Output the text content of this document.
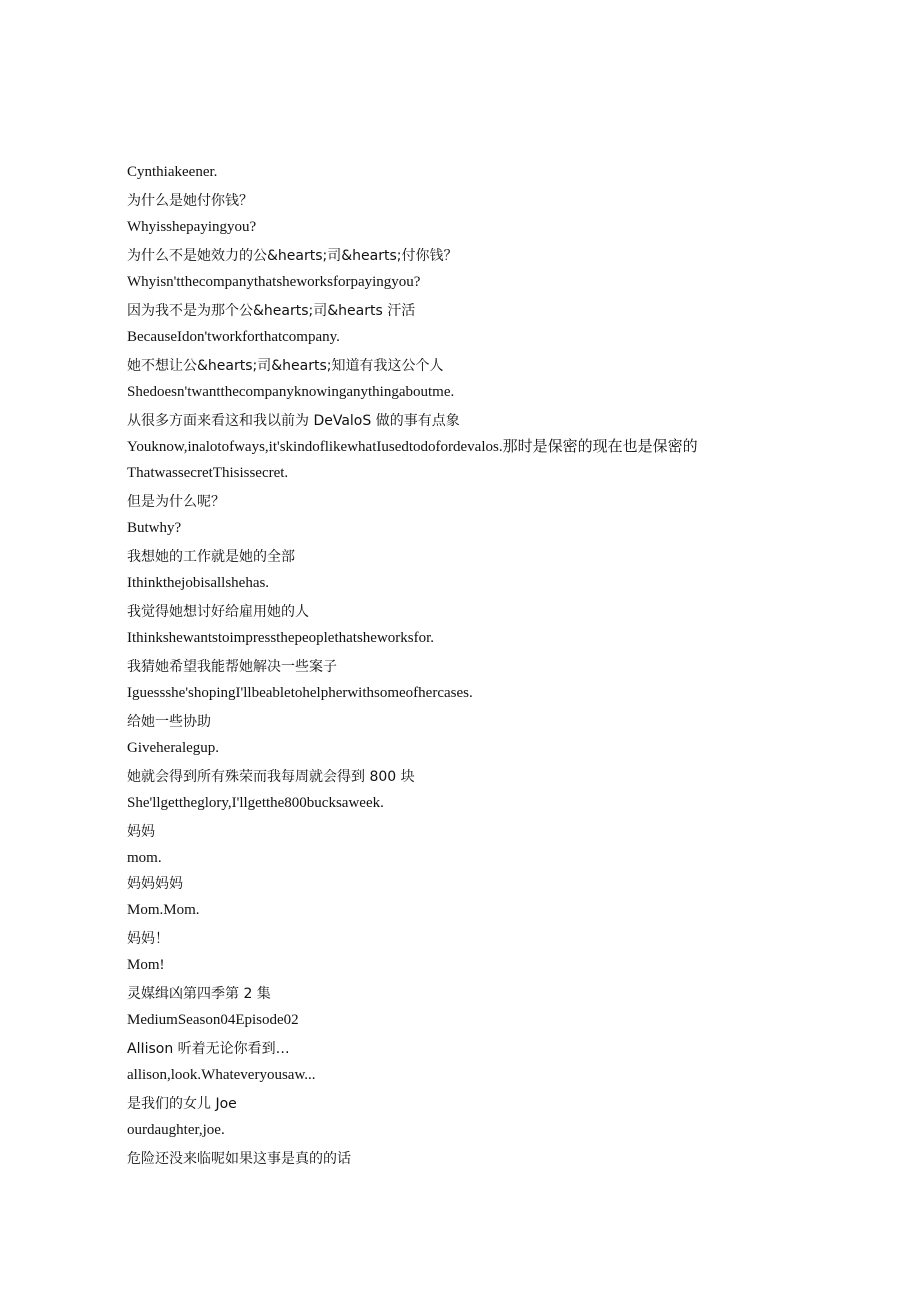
Cynthiakeener.

为什么是她付你钱？

Whyisshepayingyou?

为什么不是她效力的公&hearts;司&hearts;付你钱？

Whyisn'tthecompanythatsheworksforpayingyou?

因为我不是为那个公&hearts;司&hearts 汗活

BecauseIdon'tworkforthatcompany.

她不想让公&hearts;司&hearts;知道有我这公个人

Shedoesn'twantthecompanyknowinganythingaboutme.

从很多方面来看这和我以前为 DeValoS 做的事有点象

Youknow,inalotofways,it'skindoflikewhatIusedtodofordevalos.那时是保密的现在也是保密的

ThatwassecretThisissecret.

但是为什么呢？

Butwhy?

我想她的工作就是她的全部

Ithinkthejobisallshehas.

我觉得她想讨好给雇用她的人

Ithinkshewantstoimpressthepeoplethatsheworksfor.

我猜她希望我能帮她解决一些案子

Iguessshe'shopingI'llbeabletohelpherwithsomeofhercases.

给她一些协助

Giveheralegup.

她就会得到所有殊荣而我每周就会得到 800 块

She'llgettheglory,I'llgetthe800bucksaweek.

妈妈

mom.

妈妈妈妈

Mom.Mom.

妈妈！

Mom!

灵媒缉凶第四季第 2 集

MediumSeason04Episode02

AlIison 听着无论你看到…

allison,look.Whateveryousaw...

是我们的女儿 Joe

ourdaughter,joe.

危险还没来临呢如果这事是真的的话
